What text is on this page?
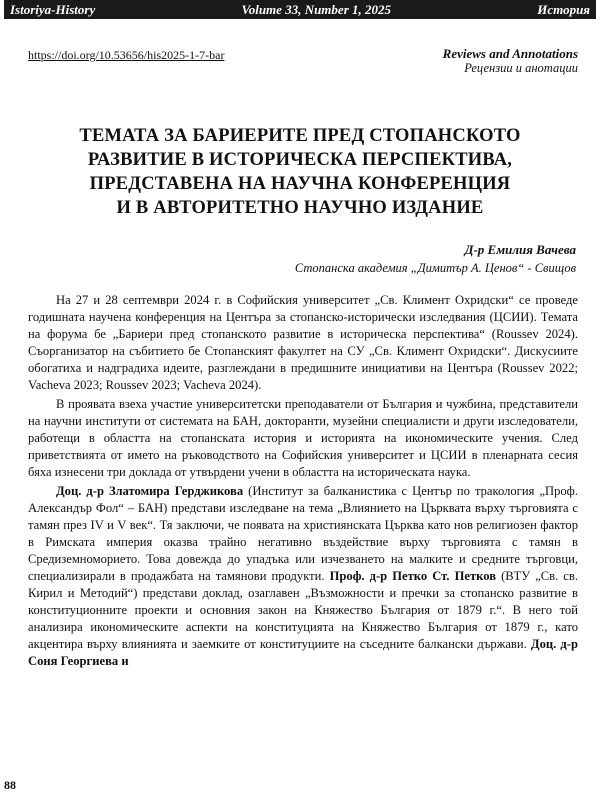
Istoriya-History	Volume 33, Number 1, 2025	История
https://doi.org/10.53656/his2025-1-7-bar	Reviews and Annotations
Рецензии и анотации
ТЕМАТА ЗА БАРИЕРИТЕ ПРЕД СТОПАНСКОТО
РАЗВИТИЕ В ИСТОРИЧЕСКА ПЕРСПЕКТИВА,
ПРЕДСТАВЕНА НА НАУЧНА КОНФЕРЕНЦИЯ
И В АВТОРИТЕТНО НАУЧНО ИЗДАНИЕ
Д-р Емилия Вачева
Стопанска академия „Димитър А. Ценов“ - Свищов

На 27 и 28 септември 2024 г. в Софийския университет „Св. Климент Охридски“ се проведе годишната научена конференция на Центъра за стопанско-исторически изследвания (ЦСИИ). Темата на форума бе „Бариери пред стопанското развитие в историческа перспектива“ (Roussev 2024). Съорганизатор на събитието бе Стопанският факултет на СУ „Св. Климент Охридски“. Дискусиите обогатиха и надградиха идеите, разглеждани в предишните инициативи на Центъра (Roussev 2022; Vacheva 2023; Roussev 2023; Vacheva 2024).

В проявата взеха участие университетски преподаватели от България и чужбина, представители на научни институти от системата на БАН, докторанти, музейни специалисти и други изследователи, работещи в областта на стопанската история и историята на икономическите учения. След приветствията от името на ръководството на Софийския университет и ЦСИИ в пленарната сесия бяха изнесени три доклада от утвърдени учени в областта на историческата наука.

Доц. д-р Златомира Герджикова (Институт за балканистика с Център по тракология „Проф. Александър Фол“ – БАН) представи изследване на тема „Влиянието на Църквата върху търговията с тамян през IV и V век“. Тя заключи, че появата на християнската Църква като нов религиозен фактор в Римската империя оказва трайно негативно въздействие върху търговията с тамян в Средиземноморието. Това довежда до упадъка или изчезването на малките и средните търговци, специализирали в продажбата на тамянови продукти. Проф. д-р Петко Ст. Петков (ВТУ „Св. св. Кирил и Методий“) представи доклад, озаглавен „Възможности и пречки за стопанско развитие в конституционните проекти и основния закон на Княжество България от 1879 г.“. В него той анализира икономическите аспекти на конституцията на Княжество България от 1879 г., като акцентира върху влиянията и заемките от конституциите на съседните балкански държави. Доц. д-р Соня Георгиева и

88
